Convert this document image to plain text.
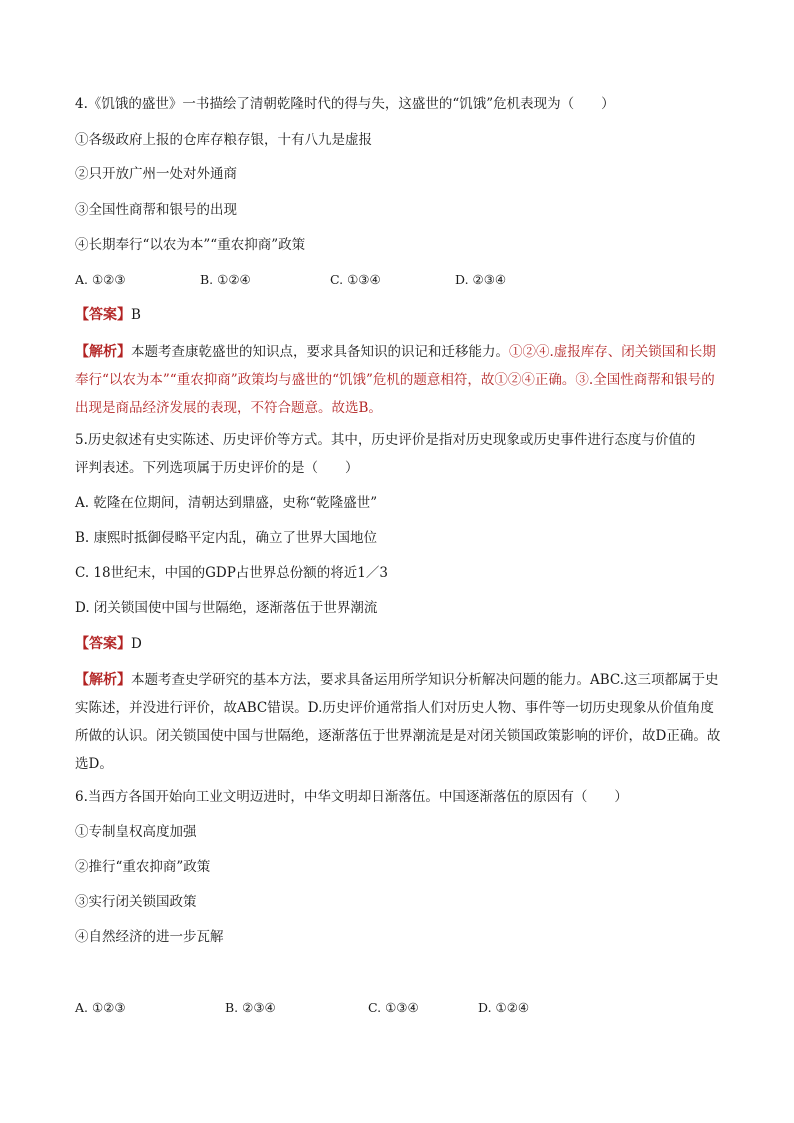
4.《饥饿的盛世》一书描绘了清朝乾隆时代的得与失，这盛世的“饥饿”危机表现为（　　）
①各级政府上报的仓库存粮存银，十有八九是虚报
②只开放广州一处对外通商
③全国性商帮和银号的出现
④长期奉行“以农为本”“重农抑商”政策
A. ①②③	B. ①②④	C. ①③④	D. ②③④
【答案】B
【解析】本题考查康乾盛世的知识点，要求具备知识的识记和迁移能力。①②④.虚报库存、闭关锁国和长期奉行“以农为本”“重农抑商”政策均与盛世的“饥饿”危机的题意相符，故①②④正确。③.全国性商帮和银号的出现是商品经济发展的表现，不符合题意。故选B。
5.历史叙述有史实陈述、历史评价等方式。其中，历史评价是指对历史现象或历史事件进行态度与价值的
评判表述。下列选项属于历史评价的是（　　）
A. 乾隆在位期间，清朝达到鼎盛，史称“乾隆盛世”
B. 康熙时抵御侵略平定内乱，确立了世界大国地位
C. 18世纪末，中国的GDP占世界总份额的将近1／3
D. 闭关锁国使中国与世隔绝，逐渐落伍于世界潮流
【答案】D
【解析】本题考查史学研究的基本方法，要求具备运用所学知识分析解决问题的能力。ABC.这三项都属于史实陈述，并没进行评价，故ABC错误。D.历史评价通常指人们对历史人物、事件等一切历史现象从价值角度所做的认识。闭关锁国使中国与世隔绝，逐渐落伍于世界潮流是是对闭关锁国政策影响的评价，故D正确。故选D。
6.当西方各国开始向工业文明迈进时，中华文明却日渐落伍。中国逐渐落伍的原因有（　　）
①专制皇权高度加强
②推行“重农抑商”政策
③实行闭关锁国政策
④自然经济的进一步瓦解
A. ①②③	B. ②③④	C. ①③④	D. ①②④
